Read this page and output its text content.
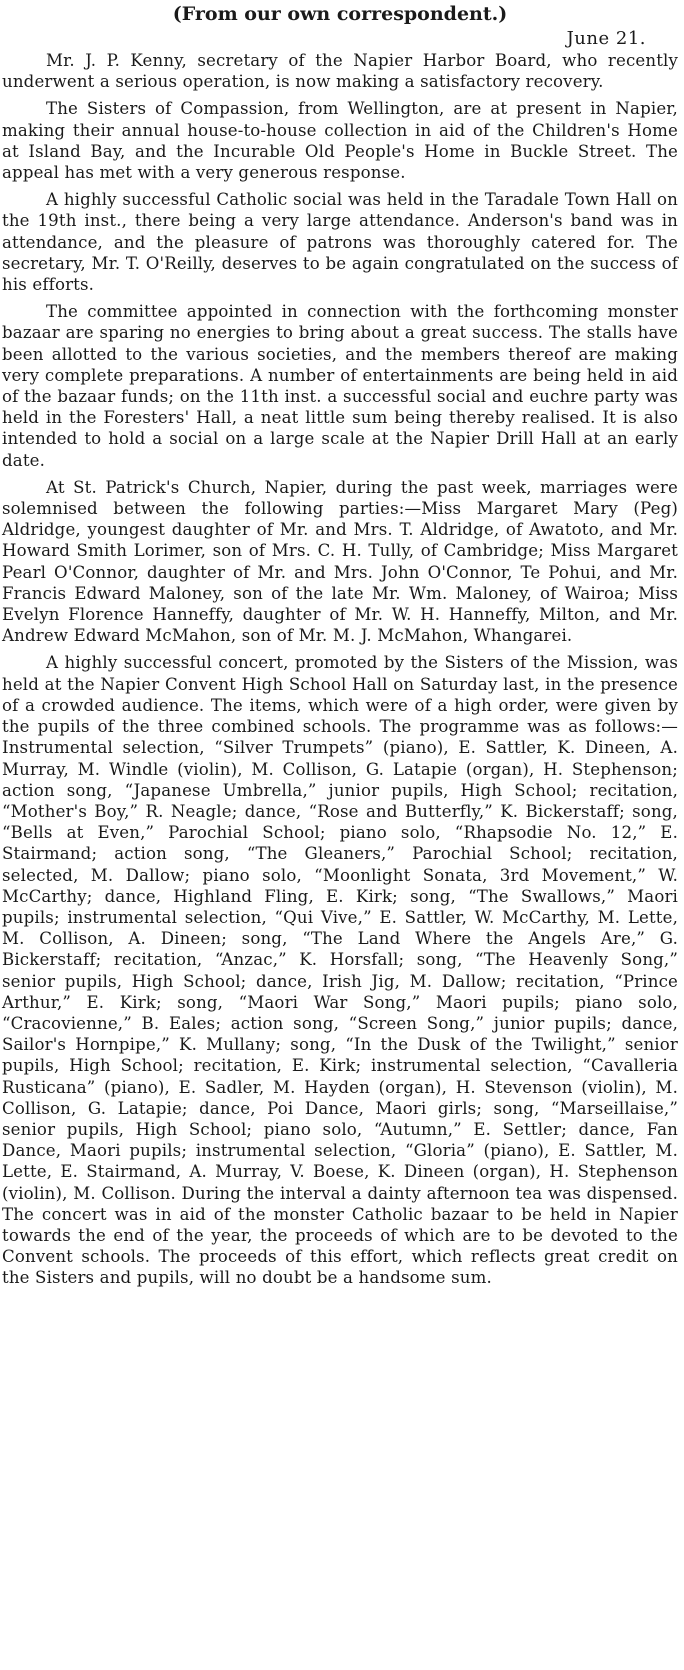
(From our own correspondent.)
June 21.

Mr. J. P. Kenny, secretary of the Napier Harbor Board, who recently underwent a serious operation, is now making a satisfactory recovery.

The Sisters of Compassion, from Wellington, are at present in Napier, making their annual house-to-house collection in aid of the Children's Home at Island Bay, and the Incurable Old People's Home in Buckle Street. The appeal has met with a very generous response.

A highly successful Catholic social was held in the Taradale Town Hall on the 19th inst., there being a very large attendance. Anderson's band was in attendance, and the pleasure of patrons was thoroughly catered for. The secretary, Mr. T. O'Reilly, deserves to be again congratulated on the success of his efforts.

The committee appointed in connection with the forthcoming monster bazaar are sparing no energies to bring about a great success. The stalls have been allotted to the various societies, and the members thereof are making very complete preparations. A number of entertainments are being held in aid of the bazaar funds; on the 11th inst. a successful social and euchre party was held in the Foresters' Hall, a neat little sum being thereby realised. It is also intended to hold a social on a large scale at the Napier Drill Hall at an early date.

At St. Patrick's Church, Napier, during the past week, marriages were solemnised between the following parties:—Miss Margaret Mary (Peg) Aldridge, youngest daughter of Mr. and Mrs. T. Aldridge, of Awatoto, and Mr. Howard Smith Lorimer, son of Mrs. C. H. Tully, of Cambridge; Miss Margaret Pearl O'Connor, daughter of Mr. and Mrs. John O'Connor, Te Pohui, and Mr. Francis Edward Maloney, son of the late Mr. Wm. Maloney, of Wairoa; Miss Evelyn Florence Hanneffy, daughter of Mr. W. H. Hanneffy, Milton, and Mr. Andrew Edward McMahon, son of Mr. M. J. McMahon, Whangarei.

A highly successful concert, promoted by the Sisters of the Mission, was held at the Napier Convent High School Hall on Saturday last, in the presence of a crowded audience. The items, which were of a high order, were given by the pupils of the three combined schools. The programme was as follows:—Instrumental selection, “Silver Trumpets” (piano), E. Sattler, K. Dineen, A. Murray, M. Windle (violin), M. Collison, G. Latapie (organ), H. Stephenson; action song, “Japanese Umbrella,” junior pupils, High School; recitation, “Mother's Boy,” R. Neagle; dance, “Rose and Butterfly,” K. Bickerstaff; song, “Bells at Even,” Parochial School; piano solo, “Rhapsodie No. 12,” E. Stairmand; action song, “The Gleaners,” Parochial School; recitation, selected, M. Dallow; piano solo, “Moonlight Sonata, 3rd Movement,” W. McCarthy; dance, Highland Fling, E. Kirk; song, “The Swallows,” Maori pupils; instrumental selection, “Qui Vive,” E. Sattler, W. McCarthy, M. Lette, M. Collison, A. Dineen; song, “The Land Where the Angels Are,” G. Bickerstaff; recitation, “Anzac,” K. Horsfall; song, “The Heavenly Song,” senior pupils, High School; dance, Irish Jig, M. Dallow; recitation, “Prince Arthur,” E. Kirk; song, “Maori War Song,” Maori pupils; piano solo, “Cracovienne,” B. Eales; action song, “Screen Song,” junior pupils; dance, Sailor's Hornpipe,” K. Mullany; song, “In the Dusk of the Twilight,” senior pupils, High School; recitation, E. Kirk; instrumental selection, “Cavalleria Rusticana” (piano), E. Sadler, M. Hayden (organ), H. Stevenson (violin), M. Collison, G. Latapie; dance, Poi Dance, Maori girls; song, “Marseillaise,” senior pupils, High School; piano solo, “Autumn,” E. Settler; dance, Fan Dance, Maori pupils; instrumental selection, “Gloria” (piano), E. Sattler, M. Lette, E. Stairmand, A. Murray, V. Boese, K. Dineen (organ), H. Stephenson (violin), M. Collison. During the interval a dainty afternoon tea was dispensed. The concert was in aid of the monster Catholic bazaar to be held in Napier towards the end of the year, the proceeds of which are to be devoted to the Convent schools. The proceeds of this effort, which reflects great credit on the Sisters and pupils, will no doubt be a handsome sum.
